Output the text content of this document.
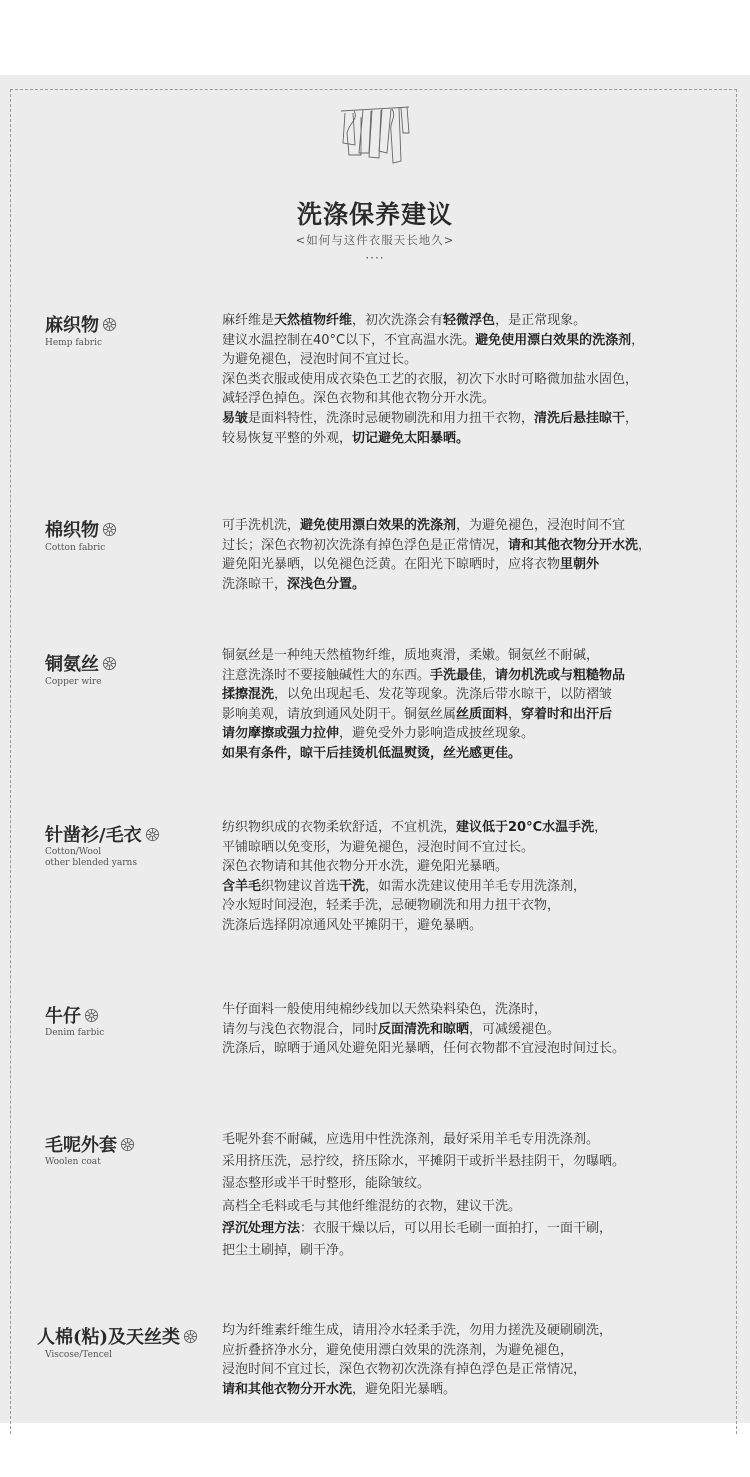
洗涤保养建议
<如何与这件衣服天长地久>
····
麻织物
Hemp fabric
麻纤维是天然植物纤维，初次洗涤会有轻微浮色，是正常现象。
建议水温控制在40°C以下，不宜高温水洗。避免使用漂白效果的洗涤剂，
为避免褪色，浸泡时间不宜过长。
深色类衣服或使用成衣染色工艺的衣服，初次下水时可略微加盐水固色，
减轻浮色掉色。深色衣物和其他衣物分开水洗。
易皱是面料特性，洗涤时忌硬物刷洗和用力扭干衣物，清洗后悬挂晾干，
较易恢复平整的外观，切记避免太阳暴晒。
棉织物
Cotton fabric
可手洗机洗，避免使用漂白效果的洗涤剂，为避免褪色，浸泡时间不宜
过长；深色衣物初次洗涤有掉色浮色是正常情况，请和其他衣物分开水洗，
避免阳光暴晒，以免褪色泛黄。在阳光下晾晒时，应将衣物里朝外
洗涤晾干，深浅色分置。
铜氨丝
Copper wire
铜氨丝是一种纯天然植物纤维，质地爽滑，柔嫩。铜氨丝不耐碱，
注意洗涤时不要接触碱性大的东西。手洗最佳，请勿机洗或与粗糙物品
揉擦混洗，以免出现起毛、发花等现象。洗涤后带水晾干，以防褶皱
影响美观，请放到通风处阴干。铜氨丝属丝质面料，穿着时和出汗后
请勿摩擦或强力拉伸，避免受外力影响造成披丝现象。
如果有条件，晾干后挂烫机低温熨烫，丝光感更佳。
针凿衫/毛衣
Cotton/Wool
other blended yarns
纺织物织成的衣物柔软舒适，不宜机洗，建议低于20°C水温手洗，
平铺晾晒以免变形，为避免褪色，浸泡时间不宜过长。
深色衣物请和其他衣物分开水洗，避免阳光暴晒。
含羊毛织物建议首选干洗，如需水洗建议使用羊毛专用洗涤剂，
冷水短时间浸泡，轻柔手洗，忌硬物刷洗和用力扭干衣物，
洗涤后选择阴凉通风处平摊阴干，避免暴晒。
牛仔
Denim farbic
牛仔面料一般使用纯棉纱线加以天然染料染色，洗涤时，
请勿与浅色衣物混合，同时反面清洗和晾晒，可减缓褪色。
洗涤后，晾晒于通风处避免阳光暴晒，任何衣物都不宜浸泡时间过长。
毛呢外套
Woolen coat
毛呢外套不耐碱，应选用中性洗涤剂，最好采用羊毛专用洗涤剂。
采用挤压洗，忌拧绞，挤压除水，平摊阴干或折半悬挂阴干，勿曝晒。
湿态整形或半干时整形，能除皱纹。
高档全毛料或毛与其他纤维混纺的衣物，建议干洗。
浮沉处理方法：衣服干燥以后，可以用长毛刷一面拍打，一面干刷，
把尘土刷掉，刷干净。
人棉(粘)及天丝类
Viscose/Tencel
均为纤维素纤维生成，请用冷水轻柔手洗，勿用力搓洗及硬刷刷洗，
应折叠挤净水分，避免使用漂白效果的洗涤剂，为避免褪色，
浸泡时间不宜过长，深色衣物初次洗涤有掉色浮色是正常情况，
请和其他衣物分开水洗，避免阳光暴晒。
